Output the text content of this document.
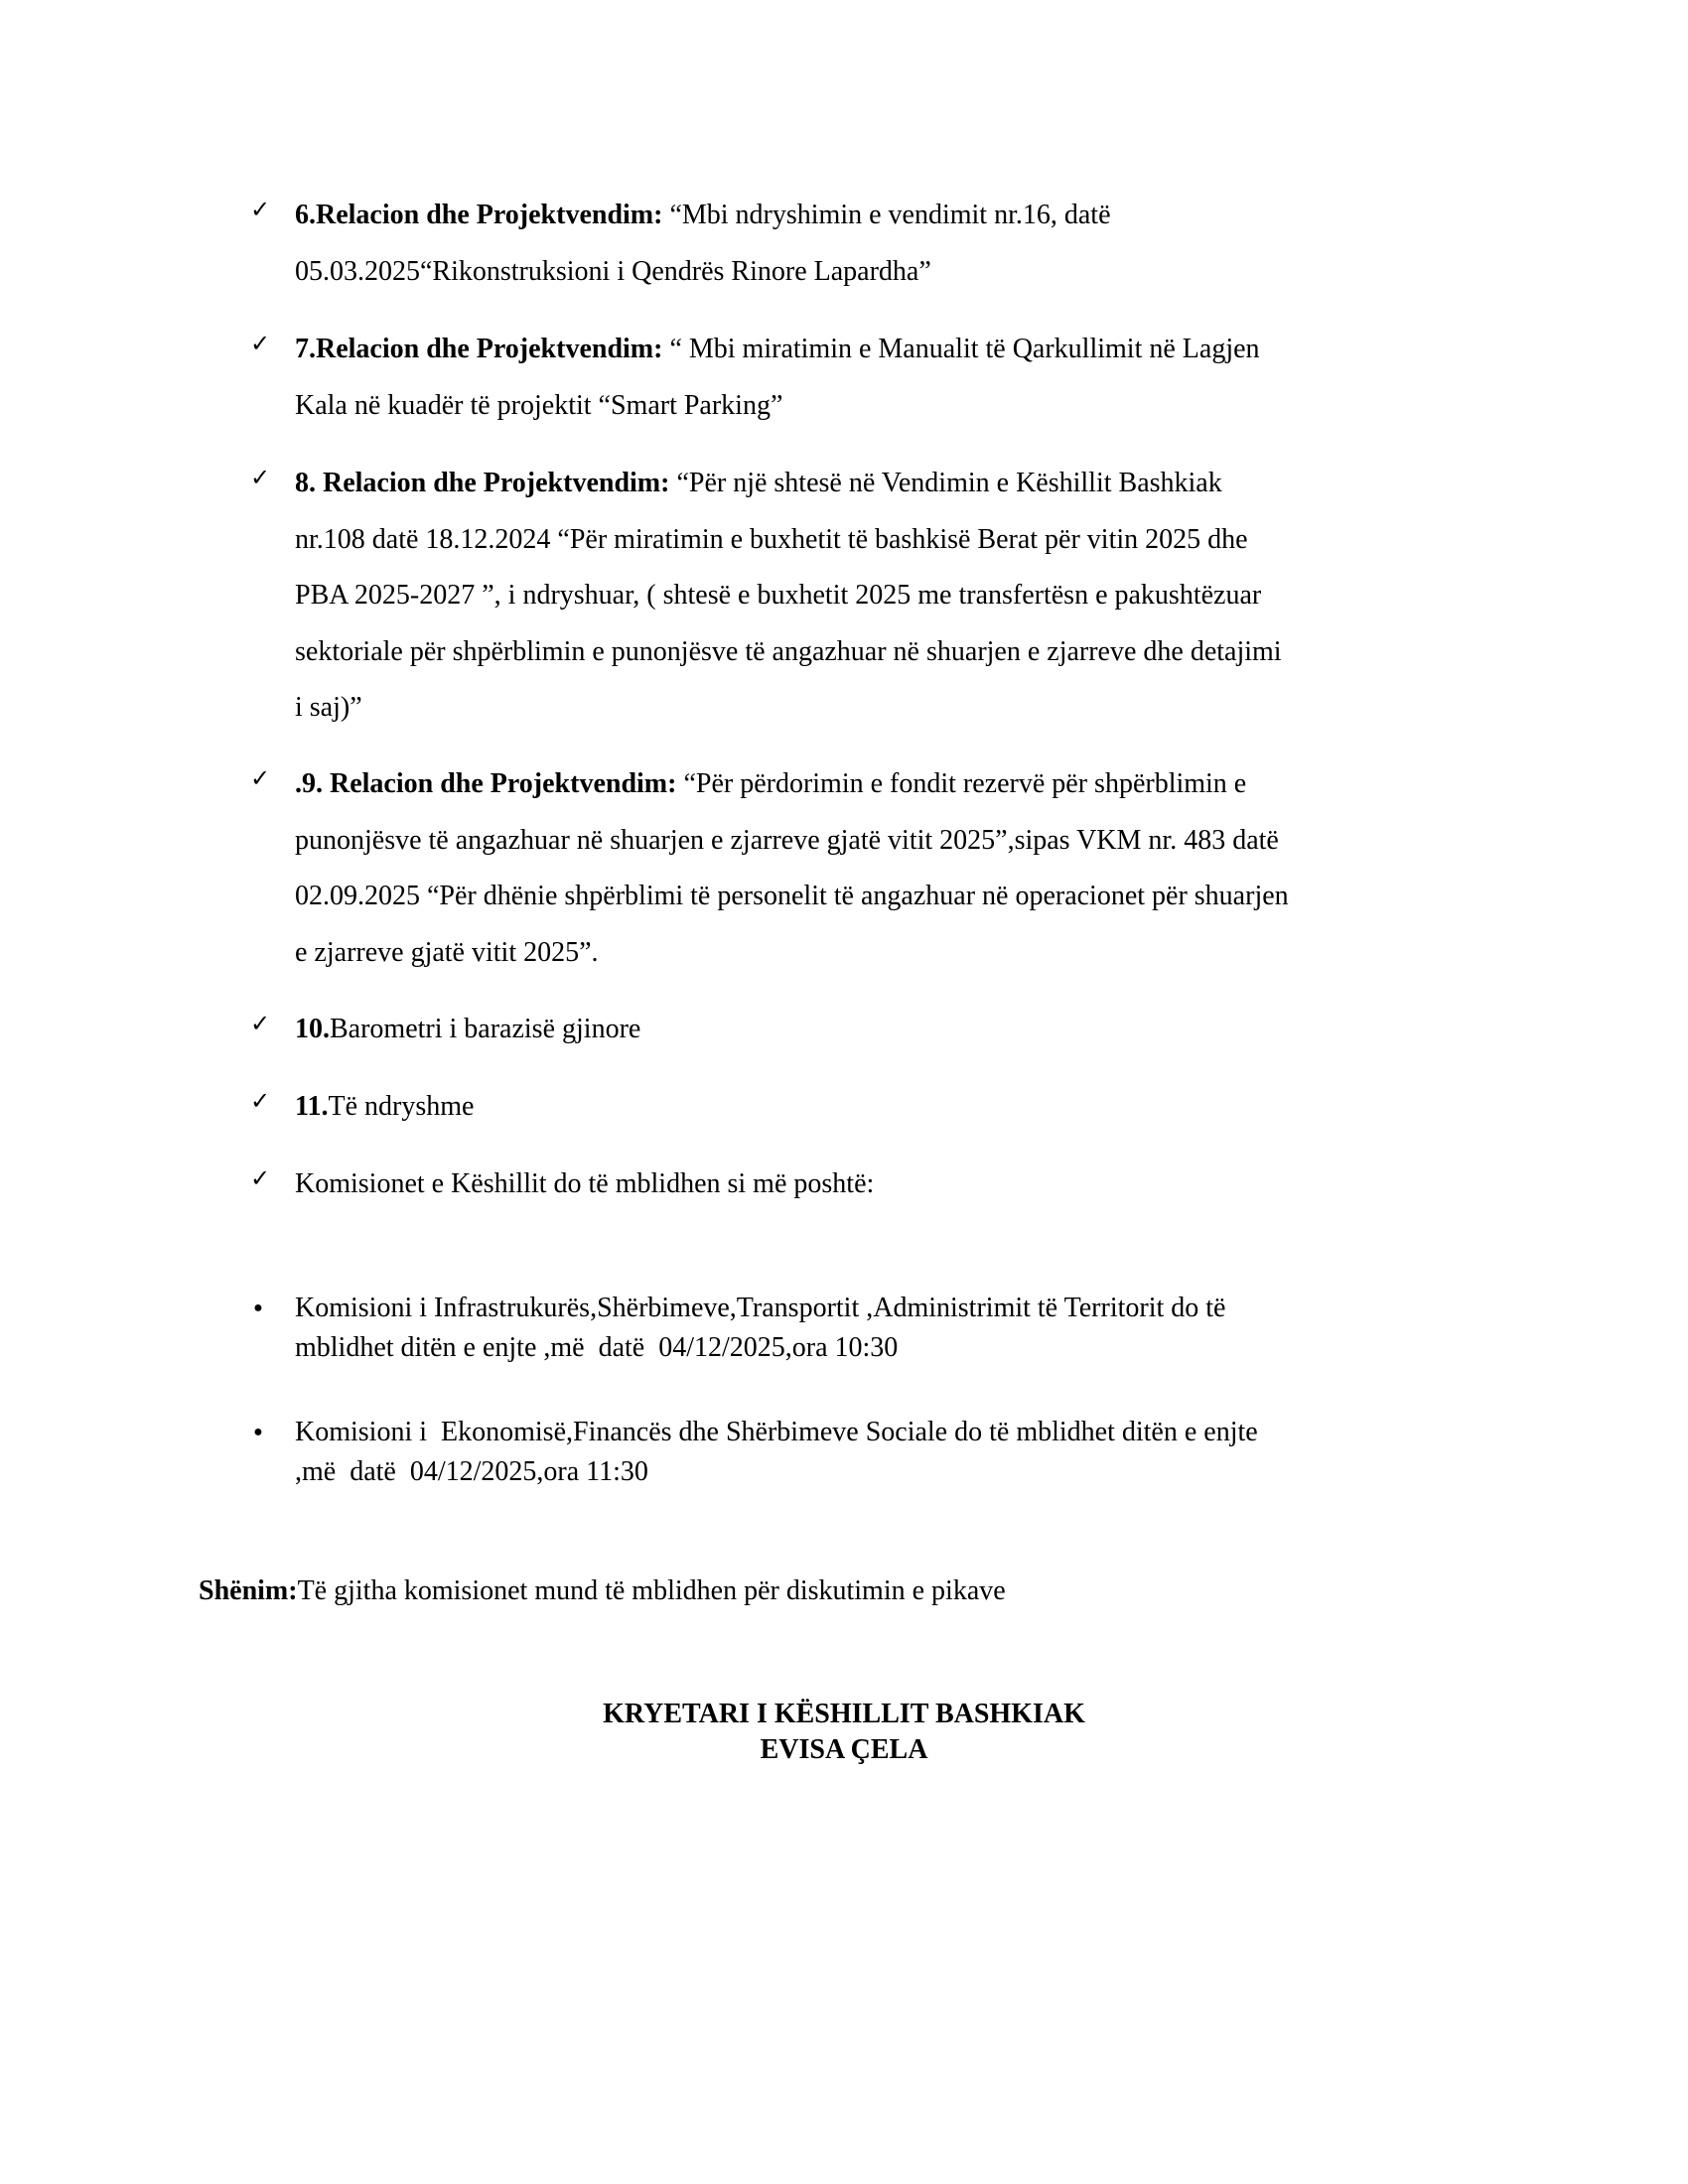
✓ 6.Relacion dhe Projektvendim: “Mbi ndryshimin e vendimit nr.16, datë
05.03.2025“Rikonstruksioni i Qendrës Rinore Lapardha”
✓ 7.Relacion dhe Projektvendim: “ Mbi miratimin e Manualit të Qarkullimit në Lagjen
Kala në kuadër të projektit “Smart Parking”
✓ 8. Relacion dhe Projektvendim: “Për një shtesë në Vendimin e Këshillit Bashkiak
nr.108 datë 18.12.2024 “Për miratimin e buxhetit të bashkisë Berat për vitin 2025 dhe
PBA 2025-2027 ”, i ndryshuar, ( shtesë e buxhetit 2025 me transfertësn e pakushtëzuar
sektoriale për shpërblimin e punonjësve të angazhuar në shuarjen e zjarreve dhe detajimi
i saj)”
✓ .9. Relacion dhe Projektvendim: “Për përdorimin e fondit rezervë për shpërblimin e
punonjësve të angazhuar në shuarjen e zjarreve gjatë vitit 2025”,sipas VKM nr. 483 datë
02.09.2025 “Për dhënie shpërblimi të personelit të angazhuar në operacionet për shuarjen
e zjarreve gjatë vitit 2025”.
✓ 10.Barometri i barazisë gjinore
✓ 11.Të ndryshme
✓ Komisionet e Këshillit do të mblidhen si më poshtë:
●	Komisioni i Infrastrukurës,Shërbimeve,Transportit ,Administrimit të Territorit do të
mblidhet ditën e enjte ,më  datë  04/12/2025,ora 10:30
●	Komisioni i  Ekonomisë,Financës dhe Shërbimeve Sociale do të mblidhet ditën e enjte
,më  datë  04/12/2025,ora 11:30
Shënim:Të gjitha komisionet mund të mblidhen për diskutimin e pikave
KRYETARI I KËSHILLIT BASHKIAK
EVISA ÇELA
